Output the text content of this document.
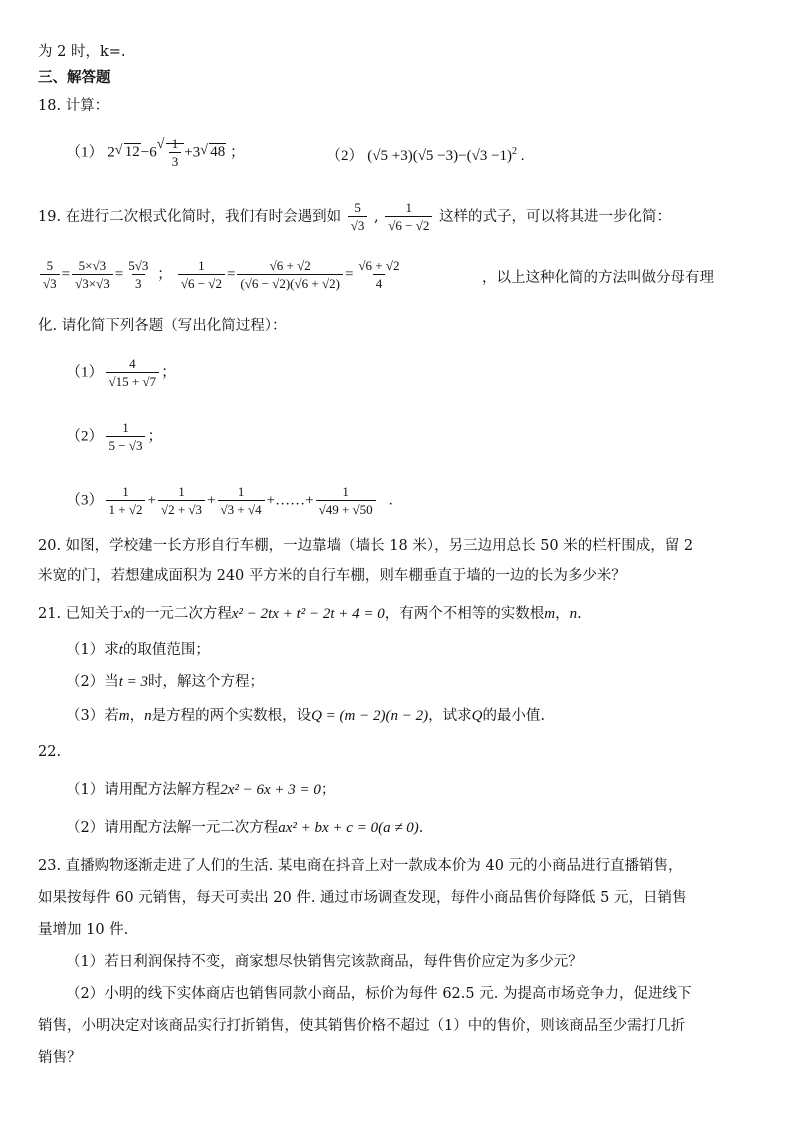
为 2 时，k=.
三、解答题
18. 计算：
（1） 2√ 12−6
√ $\frac{1}{3} +3√$ 48 ；	（2） $(√5 +3)(√5 -3)-(√3 -1)^2$ .
19. 在进行二次根式化简时，我们有时会遇到如 $\frac{5}{√3}$ , $\frac{1}{√6 - √2}$ 这样的式子，可以将其进一步化简：
$\frac{5}{√3} = \frac{5\times√3}{√3\times√3} = \frac{5√3}{3}$ ； $\frac{1}{√6 - √2} = \frac{√6 + √2}{(√6 - √2)(√6 + √2)} = \frac{√6 + √2}{4}$	，以上这种化简的方法叫做分母有理
化. 请化简下列各题（写出化简过程）：
$(1) \frac{4}{√15 + √7}$ ；
$(2) \frac{1}{5 - √3}$ ；
$(3) \frac{1}{1 + √2} + \frac{1}{√2 + √3} + \frac{1}{√3 + √4}$ +……+ $\frac{1}{√49 + √50}$ .
20. 如图，学校建一长方形自行车棚，一边靠墙（墙长 18 米），另三边用总长 50 米的栏杆围成，留 2
米宽的门，若想建成面积为 240 平方米的自行车棚，则车棚垂直于墙的一边的长为多少米？
21. 已知关于x的一元二次方程x² − 2tx + t² − 2t + 4 = 0，有两个不相等的实数根m，n.
（1）求t的取值范围；
（2）当t = 3时，解这个方程；
（3）若m，n是方程的两个实数根，设Q = (m − 2)(n − 2)，试求Q的最小值.
22.
（1）请用配方法解方程2x² − 6x + 3 = 0；
（2）请用配方法解一元二次方程ax² + bx + c = 0(a ≠ 0).
23. 直播购物逐渐走进了人们的生活. 某电商在抖音上对一款成本价为 40 元的小商品进行直播销售，
如果按每件 60 元销售，每天可卖出 20 件. 通过市场调查发现，每件小商品售价每降低 5 元，日销售
量增加 10 件.
（1）若日利润保持不变，商家想尽快销售完该款商品，每件售价应定为多少元？
（2）小明的线下实体商店也销售同款小商品，标价为每件 62.5 元. 为提高市场竞争力，促进线下
销售，小明决定对该商品实行打折销售，使其销售价格不超过（1）中的售价，则该商品至少需打几折
销售？
